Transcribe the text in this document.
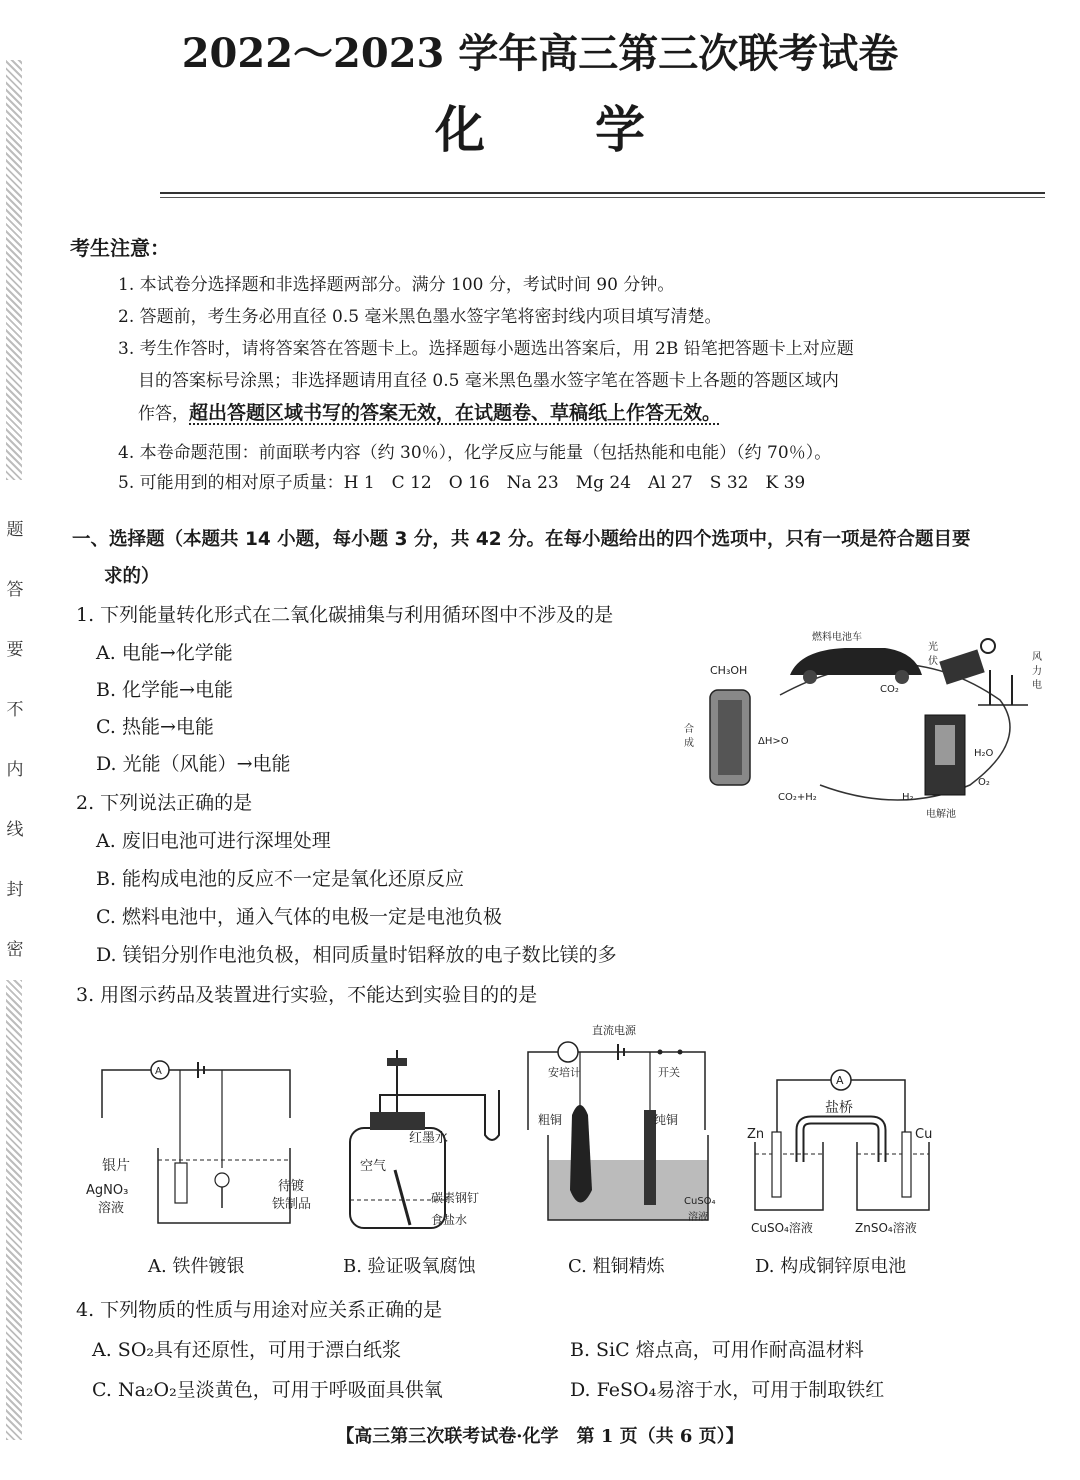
题
答
要
不
内
线
封
密
2022～2023 学年高三第三次联考试卷
化 学
考生注意：
1. 本试卷分选择题和非选择题两部分。满分 100 分，考试时间 90 分钟。
2. 答题前，考生务必用直径 0.5 毫米黑色墨水签字笔将密封线内项目填写清楚。
3. 考生作答时，请将答案答在答题卡上。选择题每小题选出答案后，用 2B 铅笔把答题卡上对应题
目的答案标号涂黑；非选择题请用直径 0.5 毫米黑色墨水签字笔在答题卡上各题的答题区域内
作答，超出答题区域书写的答案无效，在试题卷、草稿纸上作答无效。
4. 本卷命题范围：前面联考内容（约 30％），化学反应与能量（包括热能和电能）（约 70％）。
5. 可能用到的相对原子质量：H 1　C 12　O 16　Na 23　Mg 24　Al 27　S 32　K 39
一、选择题（本题共 14 小题，每小题 3 分，共 42 分。在每小题给出的四个选项中，只有一项是符合题目要
求的）
1. 下列能量转化形式在二氧化碳捕集与利用循环图中不涉及的是
A. 电能→化学能
B. 化学能→电能
C. 热能→电能
D. 光能（风能）→电能
燃料电池车
CH₃OH
CO₂
合
成	ΔH>O
光
伏	风
力
电
H₂O
O₂
H₂
CO₂+H₂
电解池
2. 下列说法正确的是
A. 废旧电池可进行深埋处理
B. 能构成电池的反应不一定是氧化还原反应
C. 燃料电池中，通入气体的电极一定是电池负极
D. 镁铝分别作电池负极，相同质量时铝释放的电子数比镁的多
3. 用图示药品及装置进行实验，不能达到实验目的的是
A
银片
AgNO₃
溶液
待镀
铁制品
A. 铁件镀银
红墨水
空气
碳素钢钉
食盐水
B. 验证吸氧腐蚀
直流电源
安培计	开关
粗铜	纯铜
CuSO₄
溶液
C. 粗铜精炼
A
盐桥
Zn	Cu
CuSO₄溶液	ZnSO₄溶液
D. 构成铜锌原电池
4. 下列物质的性质与用途对应关系正确的是
A. SO₂具有还原性，可用于漂白纸浆	B. SiC 熔点高，可用作耐高温材料
C. Na₂O₂呈淡黄色，可用于呼吸面具供氧	D. FeSO₄易溶于水，可用于制取铁红
【高三第三次联考试卷·化学　第 1 页（共 6 页）】
